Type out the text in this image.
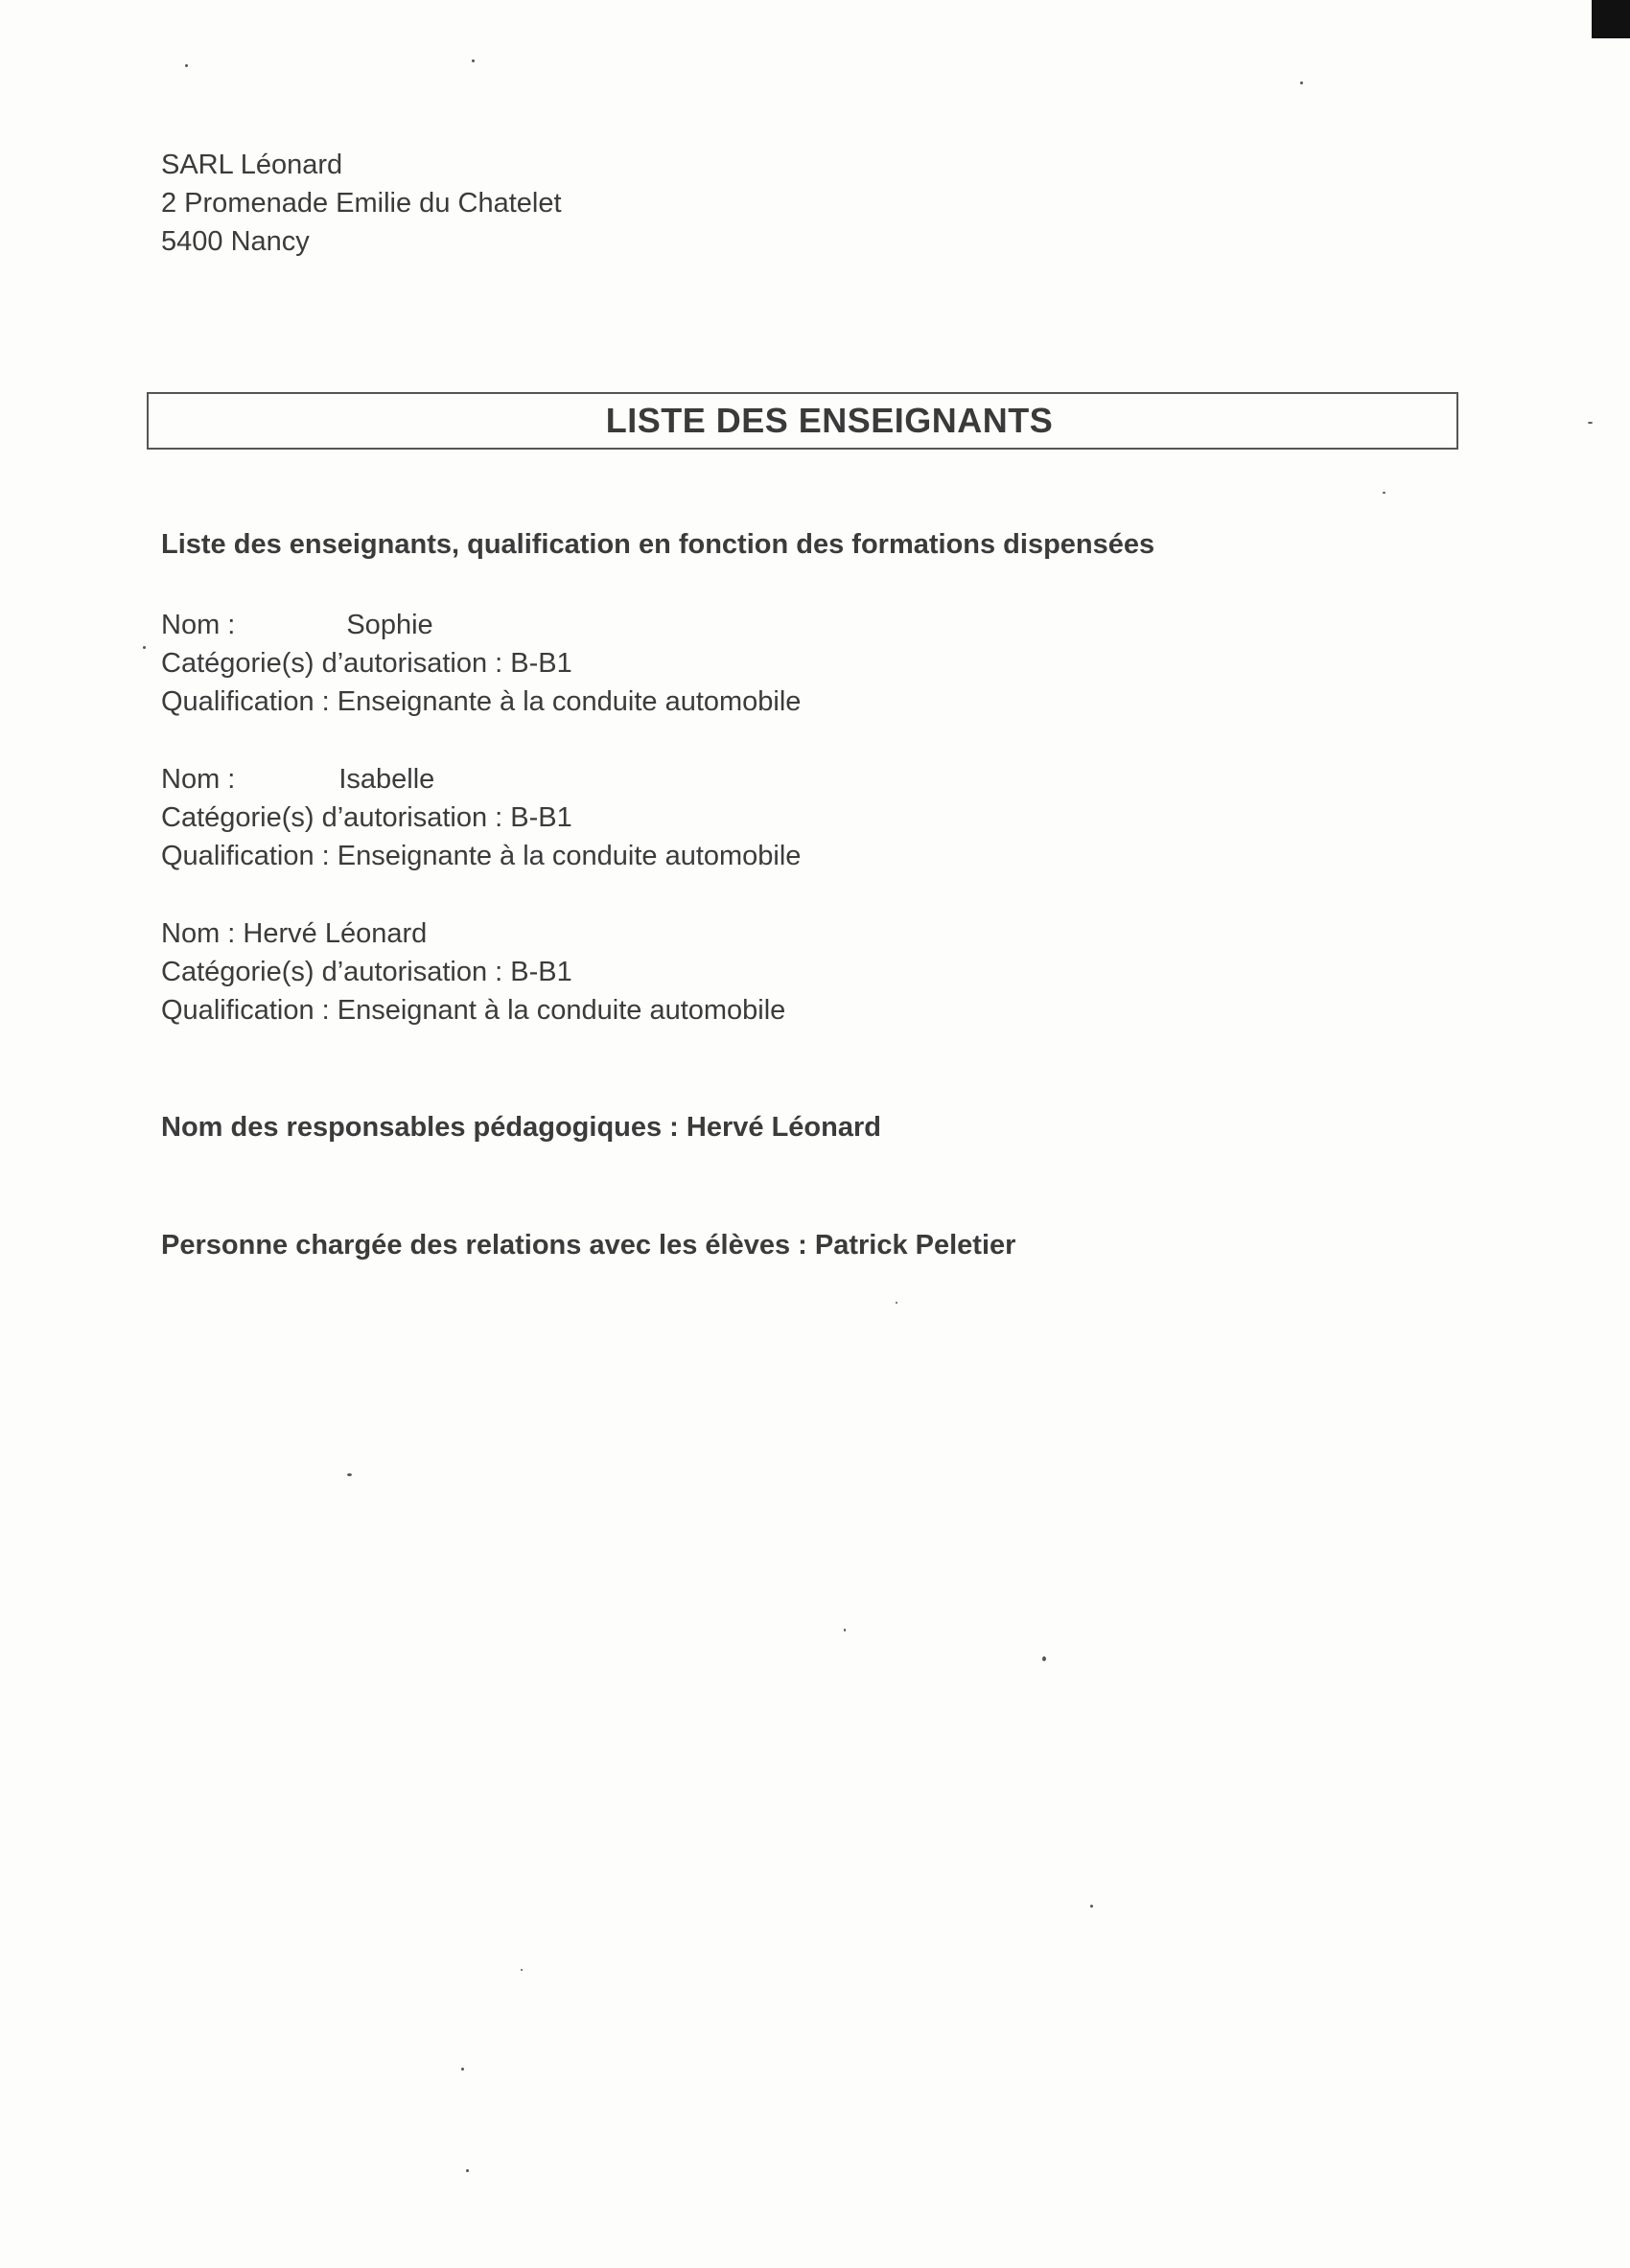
SARL Léonard
2 Promenade Emilie du Chatelet
5400 Nancy
LISTE DES ENSEIGNANTS
Liste des enseignants, qualification en fonction des formations dispensées
Nom :	Sophie
Catégorie(s) d’autorisation : B-B1
Qualification : Enseignante à la conduite automobile
Nom :	Isabelle
Catégorie(s) d’autorisation : B-B1
Qualification : Enseignante à la conduite automobile
Nom : Hervé Léonard
Catégorie(s) d’autorisation : B-B1
Qualification : Enseignant à la conduite automobile
Nom des responsables pédagogiques : Hervé Léonard
Personne chargée des relations avec les élèves : Patrick Peletier
